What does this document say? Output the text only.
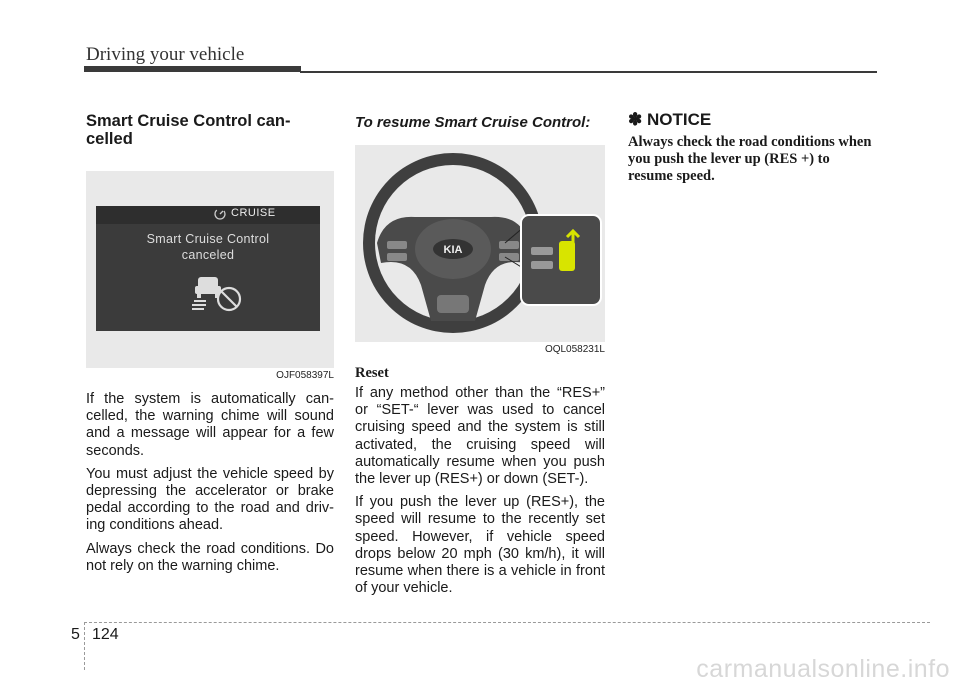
Driving your vehicle
Smart Cruise Control can- celled
CRUISE
Smart Cruise Control
canceled
OJF058397L

If the system is automatically can- celled, the warning chime will sound and a message will appear for a few seconds.

You must adjust the vehicle speed by depressing the accelerator or brake pedal according to the road and driv- ing conditions ahead.

Always check the road conditions. Do not rely on the warning chime.

To resume Smart Cruise Control:
KIA
OQL058231L

Reset

If any method other than the “RES+” or “SET-“ lever was used to cancel cruising speed and the system is still activated, the cruising speed will automatically resume when you push the lever up (RES+) or down (SET-).

If you push the lever up (RES+), the speed will resume to the recently set speed. However, if vehicle speed drops below 20 mph (30 km/h), it will resume when there is a vehicle in front of your vehicle.

✽ NOTICE

Always check the road conditions when you push the lever up (RES +) to resume speed.

5 124
carmanualsonline.info
